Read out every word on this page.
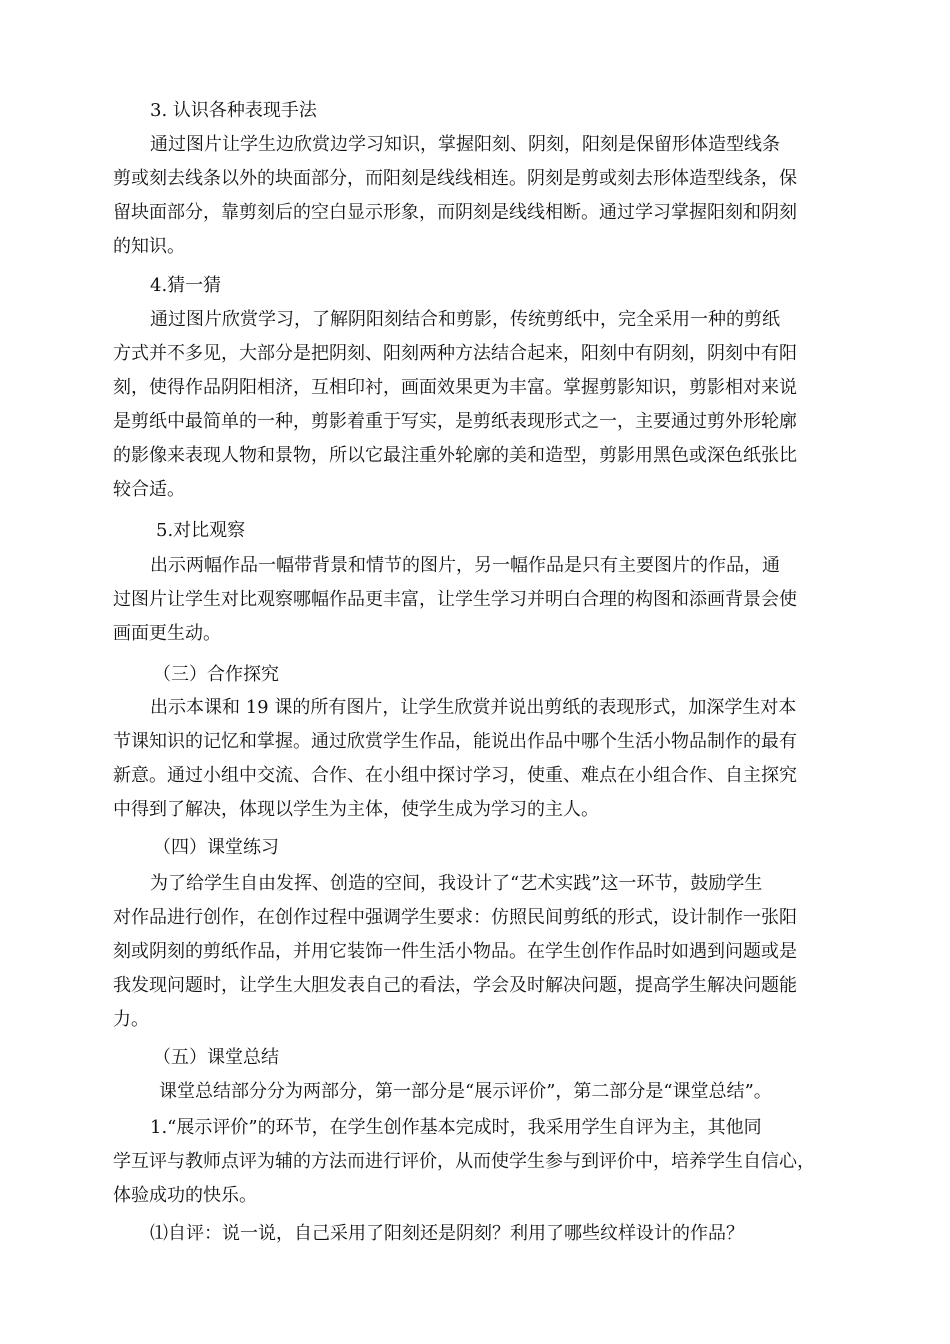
3. 认识各种表现手法
通过图片让学生边欣赏边学习知识，掌握阳刻、阴刻，阳刻是保留形体造型线条
剪或刻去线条以外的块面部分，而阳刻是线线相连。阴刻是剪或刻去形体造型线条，保
留块面部分，靠剪刻后的空白显示形象，而阴刻是线线相断。通过学习掌握阳刻和阴刻
的知识。
4.猜一猜
通过图片欣赏学习，了解阴阳刻结合和剪影，传统剪纸中，完全采用一种的剪纸
方式并不多见，大部分是把阴刻、阳刻两种方法结合起来，阳刻中有阴刻，阴刻中有阳
刻，使得作品阴阳相济，互相印衬，画面效果更为丰富。掌握剪影知识，剪影相对来说
是剪纸中最简单的一种，剪影着重于写实，是剪纸表现形式之一，主要通过剪外形轮廓
的影像来表现人物和景物，所以它最注重外轮廓的美和造型，剪影用黑色或深色纸张比
较合适。
5.对比观察
出示两幅作品一幅带背景和情节的图片，另一幅作品是只有主要图片的作品，通
过图片让学生对比观察哪幅作品更丰富，让学生学习并明白合理的构图和添画背景会使
画面更生动。
（三）合作探究
出示本课和 19 课的所有图片，让学生欣赏并说出剪纸的表现形式，加深学生对本
节课知识的记忆和掌握。通过欣赏学生作品，能说出作品中哪个生活小物品制作的最有
新意。通过小组中交流、合作、在小组中探讨学习，使重、难点在小组合作、自主探究
中得到了解决，体现以学生为主体，使学生成为学习的主人。
（四）课堂练习
为了给学生自由发挥、创造的空间，我设计了“艺术实践”这一环节，鼓励学生
对作品进行创作，在创作过程中强调学生要求：仿照民间剪纸的形式，设计制作一张阳
刻或阴刻的剪纸作品，并用它装饰一件生活小物品。在学生创作作品时如遇到问题或是
我发现问题时，让学生大胆发表自己的看法，学会及时解决问题，提高学生解决问题能
力。
（五）课堂总结
课堂总结部分分为两部分，第一部分是“展示评价”，第二部分是“课堂总结”。
1.“展示评价”的环节，在学生创作基本完成时，我采用学生自评为主，其他同
学互评与教师点评为辅的方法而进行评价，从而使学生参与到评价中，培养学生自信心，
体验成功的快乐。
⑴自评：说一说，自己采用了阳刻还是阴刻？利用了哪些纹样设计的作品？
